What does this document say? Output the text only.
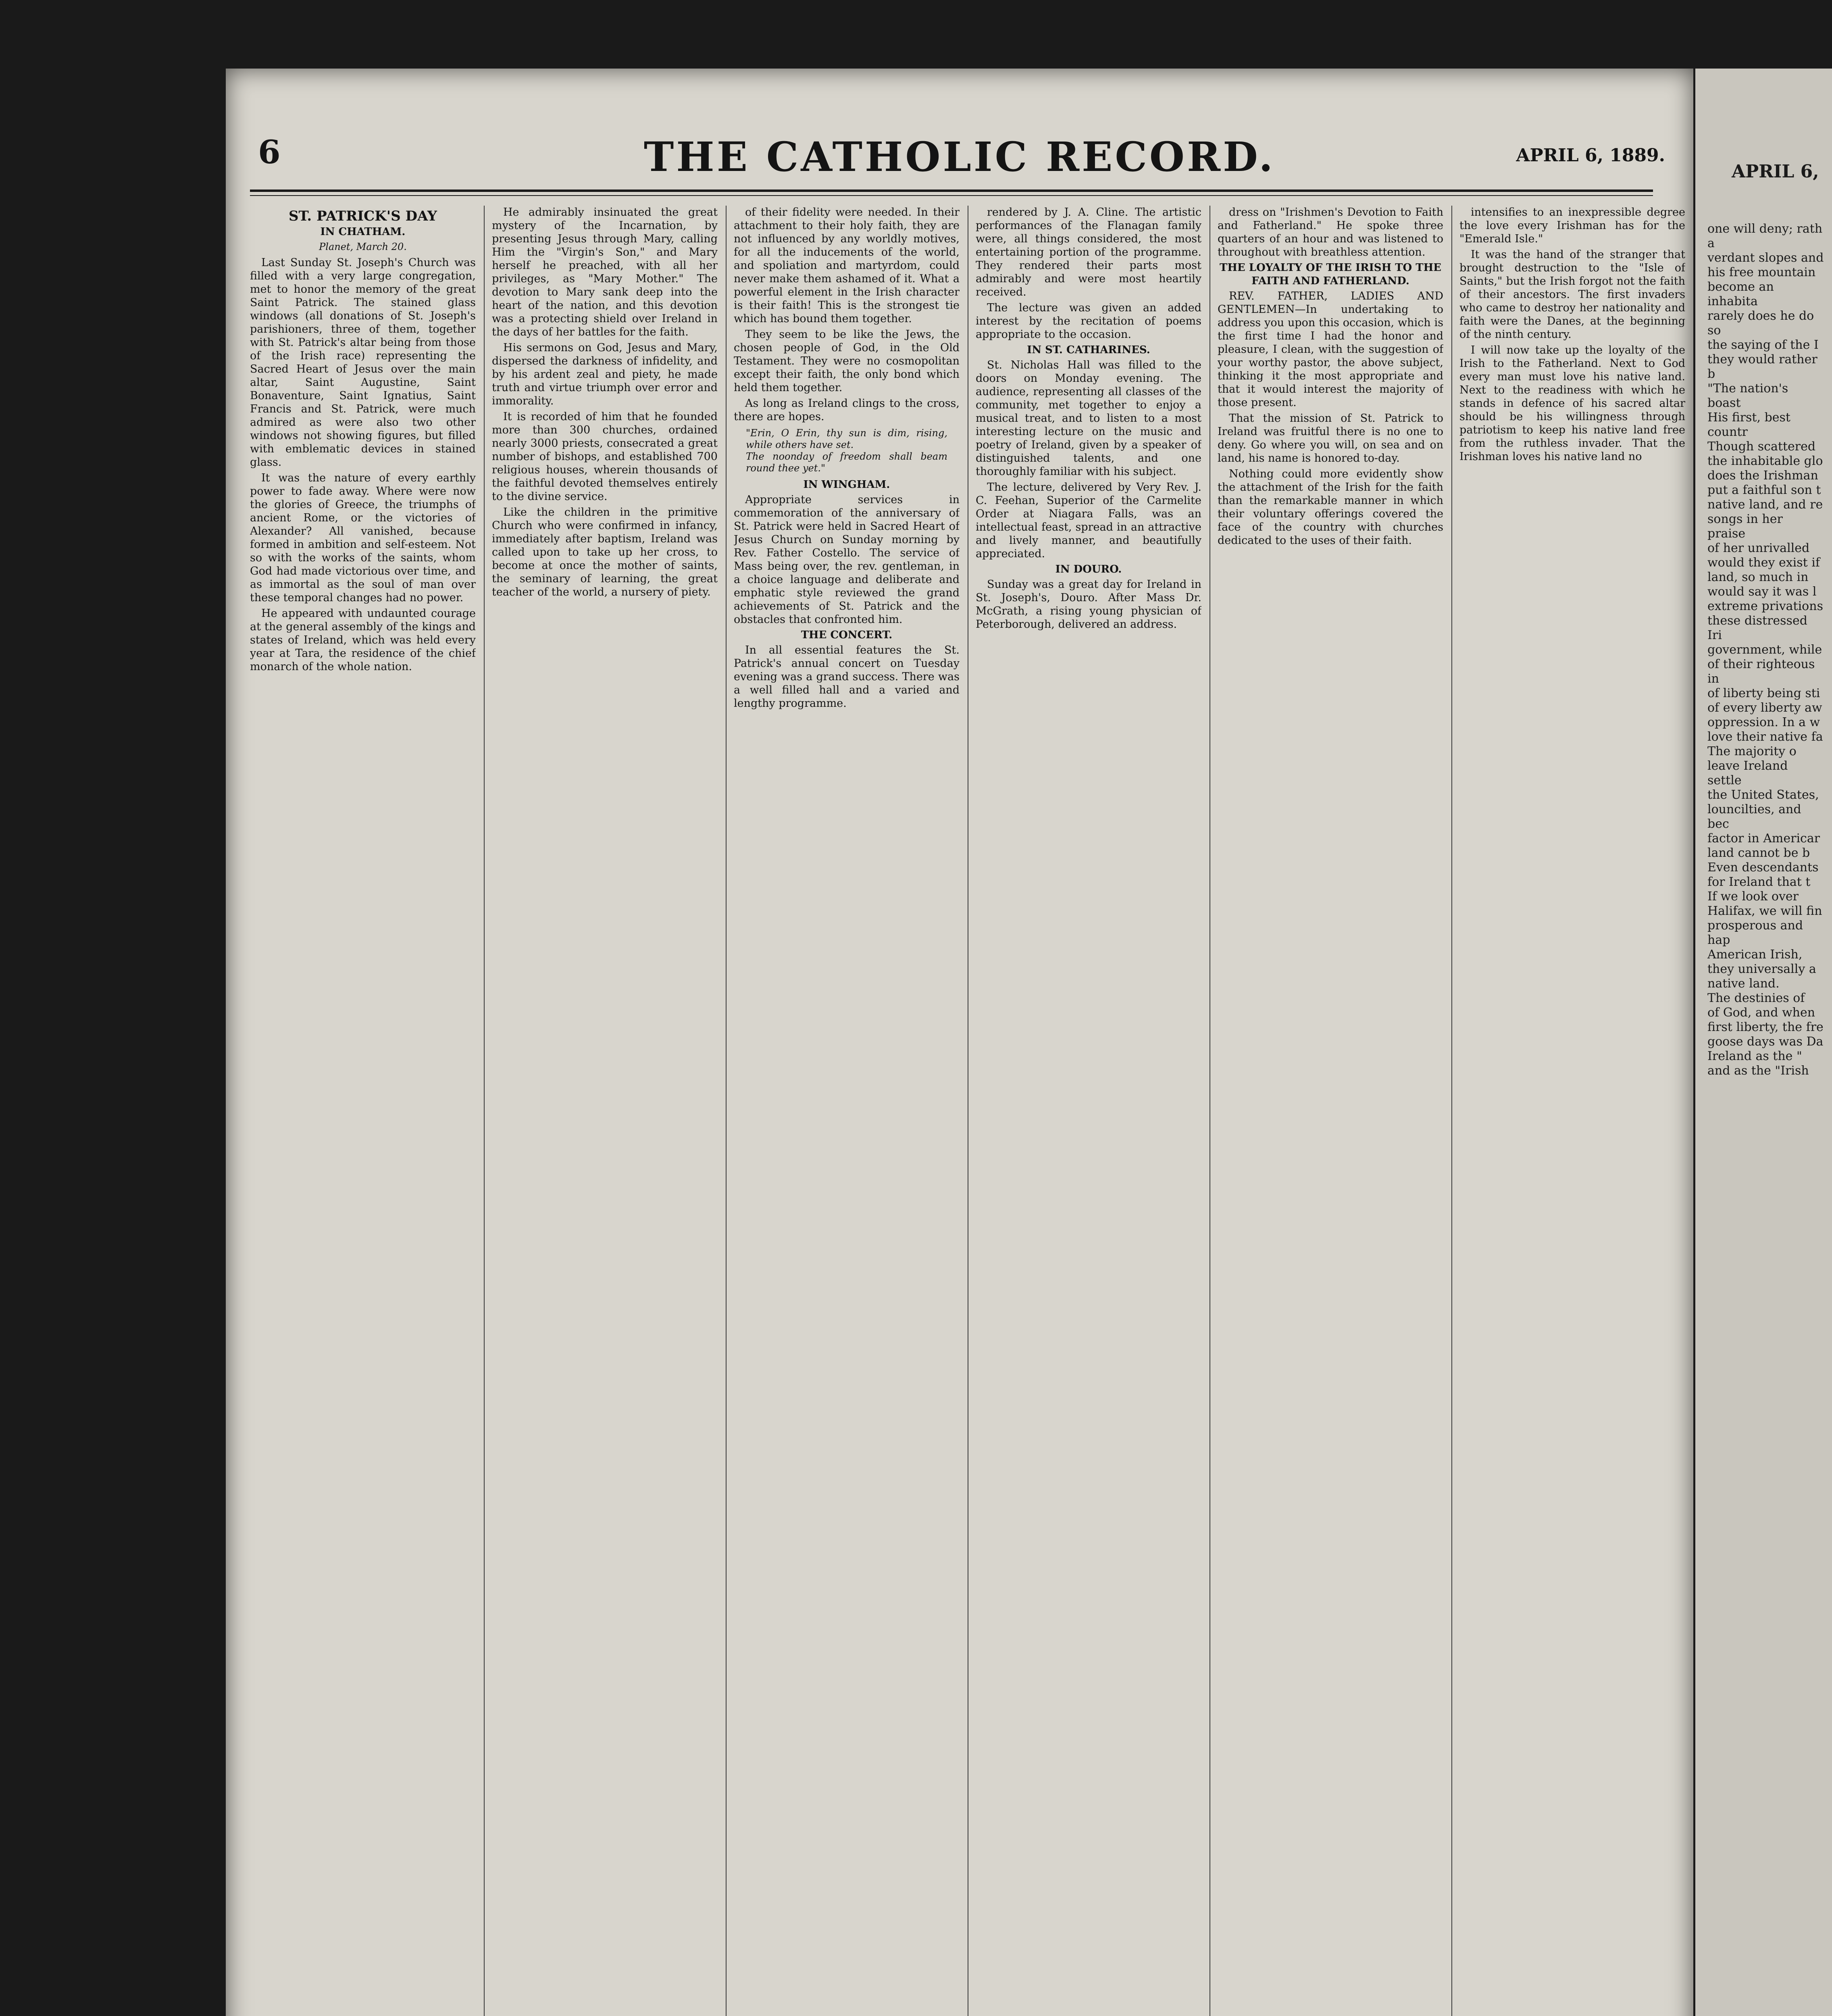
6	THE CATHOLIC RECORD.	APRIL 6, 1889.
ST. PATRICK'S DAY
IN CHATHAM.
Planet, March 20.

Last Sunday St. Joseph's Church was filled with a very large congregation, met to honor the memory of the great Saint Patrick. The stained glass windows (all donations of St. Joseph's parishioners, three of them, together with St. Patrick's altar being from those of the Irish race) representing the Sacred Heart of Jesus over the main altar, Saint Augustine, Saint Bonaventure, Saint Ignatius, Saint Francis and St. Patrick, were much admired as were also two other windows not showing figures, but filled with emblematic devices in stained glass.

It was the nature of every earthly power to fade away. Where were now the glories of Greece, the triumphs of ancient Rome, or the victories of Alexander? All vanished, because formed in ambition and self-esteem. Not so with the works of the saints, whom God had made victorious over time, and as immortal as the soul of man over these temporal changes had no power.

He appeared with undaunted courage at the general assembly of the kings and states of Ireland, which was held every year at Tara, the residence of the chief monarch of the whole nation.

He admirably insinuated the great mystery of the Incarnation, by presenting Jesus through Mary, calling Him the "Virgin's Son," and Mary herself he preached, with all her privileges, as "Mary Mother." The devotion to Mary sank deep into the heart of the nation, and this devotion was a protecting shield over Ireland in the days of her battles for the faith.

His sermons on God, Jesus and Mary, dispersed the darkness of infidelity, and by his ardent zeal and piety, he made truth and virtue triumph over error and immorality.

It is recorded of him that he founded more than 300 churches, ordained nearly 3000 priests, consecrated a great number of bishops, and established 700 religious houses, wherein thousands of the faithful devoted themselves entirely to the divine service.

Like the children in the primitive Church who were confirmed in infancy, immediately after baptism, Ireland was called upon to take up her cross, to become at once the mother of saints, the seminary of learning, the great teacher of the world, a nursery of piety.

of their fidelity were needed. In their attachment to their holy faith, they are not influenced by any worldly motives, for all the inducements of the world, and spoliation and martyrdom, could never make them ashamed of it. What a powerful element in the Irish character is their faith! This is the strongest tie which has bound them together.

They seem to be like the Jews, the chosen people of God, in the Old Testament. They were no cosmopolitan except their faith, the only bond which held them together.

As long as Ireland clings to the cross, there are hopes.

"Erin, O Erin, thy sun is dim, rising, while others have set.
The noonday of freedom shall beam round thee yet."
IN WINGHAM.

Appropriate services in commemoration of the anniversary of St. Patrick were held in Sacred Heart of Jesus Church on Sunday morning by Rev. Father Costello. The service of Mass being over, the rev. gentleman, in a choice language and deliberate and emphatic style reviewed the grand achievements of St. Patrick and the obstacles that confronted him.

THE CONCERT.

In all essential features the St. Patrick's annual concert on Tuesday evening was a grand success. There was a well filled hall and a varied and lengthy programme.

rendered by J. A. Cline. The artistic performances of the Flanagan family were, all things considered, the most entertaining portion of the programme. They rendered their parts most admirably and were most heartily received.

The lecture was given an added interest by the recitation of poems appropriate to the occasion.

IN ST. CATHARINES.

St. Nicholas Hall was filled to the doors on Monday evening. The audience, representing all classes of the community, met together to enjoy a musical treat, and to listen to a most interesting lecture on the music and poetry of Ireland, given by a speaker of distinguished talents, and one thoroughly familiar with his subject.

The lecture, delivered by Very Rev. J. C. Feehan, Superior of the Carmelite Order at Niagara Falls, was an intellectual feast, spread in an attractive and lively manner, and beautifully appreciated.

IN DOURO.

Sunday was a great day for Ireland in St. Joseph's, Douro. After Mass Dr. McGrath, a rising young physician of Peterborough, delivered an address.

dress on "Irishmen's Devotion to Faith and Fatherland." He spoke three quarters of an hour and was listened to throughout with breathless attention.

THE LOYALTY OF THE IRISH TO THE FAITH AND FATHERLAND.

REV. FATHER, LADIES AND GENTLEMEN—In undertaking to address you upon this occasion, which is the first time I had the honor and pleasure, I clean, with the suggestion of your worthy pastor, the above subject, thinking it the most appropriate and that it would interest the majority of those present.

That the mission of St. Patrick to Ireland was fruitful there is no one to deny. Go where you will, on sea and on land, his name is honored to-day.

Nothing could more evidently show the attachment of the Irish for the faith than the remarkable manner in which their voluntary offerings covered the face of the country with churches dedicated to the uses of their faith.

intensifies to an inexpressible degree the love every Irishman has for the "Emerald Isle."

It was the hand of the stranger that brought destruction to the "Isle of Saints," but the Irish forgot not the faith of their ancestors. The first invaders who came to destroy her nationality and faith were the Danes, at the beginning of the ninth century.

I will now take up the loyalty of the Irish to the Fatherland. Next to God every man must love his native land. Next to the readiness with which he stands in defence of his sacred altar should be his willingness through patriotism to keep his native land free from the ruthless invader. That the Irishman loves his native land no

APRIL 6,
one will deny; rath a
verdant slopes and
his free mountain
become an inhabita
rarely does he do so
the saying of the I
they would rather b
"The nation's boast
His first, best countr
Though scattered
the inhabitable glo
does the Irishman
put a faithful son t
native land, and re
songs in her praise
of her unrivalled
would they exist if
land, so much in
would say it was l
extreme privations
these distressed Iri
government, while
of their righteous in
of liberty being sti
of every liberty aw
oppression. In a w
love their native fa
The majority o
leave Ireland settle
the United States,
louncilties, and bec
factor in Americar
land cannot be b
Even descendants
for Ireland that t
If we look over
Halifax, we will fin
prosperous and hap
American Irish,
they universally a
native land.
The destinies of
of God, and when
first liberty, the fre
goose days was Da
Ireland as the "
and as the "Irish
